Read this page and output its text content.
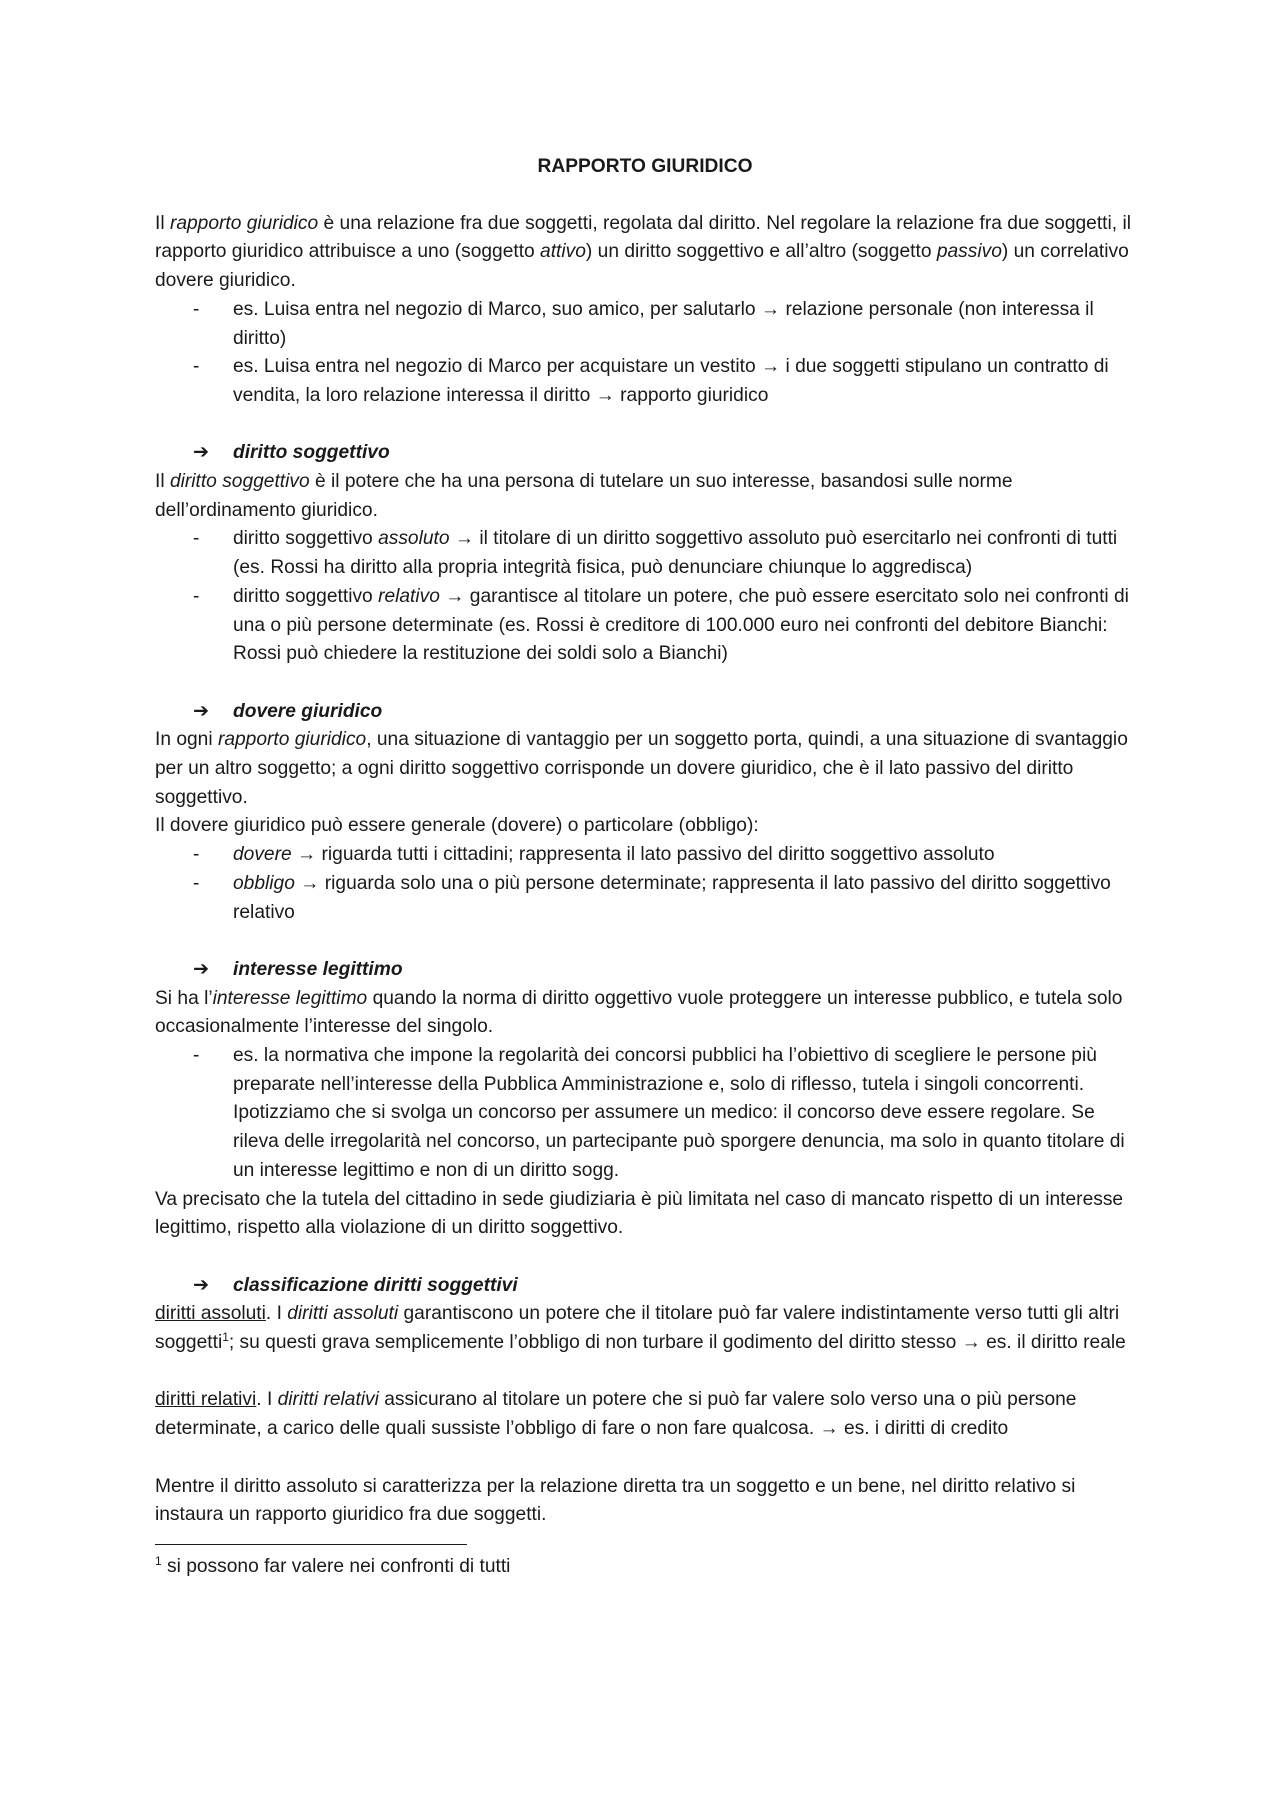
RAPPORTO GIURIDICO

Il rapporto giuridico è una relazione fra due soggetti, regolata dal diritto. Nel regolare la relazione fra due soggetti, il rapporto giuridico attribuisce a uno (soggetto attivo) un diritto soggettivo e all’altro (soggetto passivo) un correlativo dovere giuridico.

- es. Luisa entra nel negozio di Marco, suo amico, per salutarlo → relazione personale (non interessa il diritto)
- es. Luisa entra nel negozio di Marco per acquistare un vestito → i due soggetti stipulano un contratto di vendita, la loro relazione interessa il diritto → rapporto giuridico
➔ diritto soggettivo

Il diritto soggettivo è il potere che ha una persona di tutelare un suo interesse, basandosi sulle norme dell’ordinamento giuridico.

- diritto soggettivo assoluto → il titolare di un diritto soggettivo assoluto può esercitarlo nei confronti di tutti (es. Rossi ha diritto alla propria integrità fisica, può denunciare chiunque lo aggredisca)
- diritto soggettivo relativo → garantisce al titolare un potere, che può essere esercitato solo nei confronti di una o più persone determinate (es. Rossi è creditore di 100.000 euro nei confronti del debitore Bianchi: Rossi può chiedere la restituzione dei soldi solo a Bianchi)
➔ dovere giuridico

In ogni rapporto giuridico, una situazione di vantaggio per un soggetto porta, quindi, a una situazione di svantaggio per un altro soggetto; a ogni diritto soggettivo corrisponde un dovere giuridico, che è il lato passivo del diritto soggettivo.

Il dovere giuridico può essere generale (dovere) o particolare (obbligo):

- dovere → riguarda tutti i cittadini; rappresenta il lato passivo del diritto soggettivo assoluto
- obbligo → riguarda solo una o più persone determinate; rappresenta il lato passivo del diritto soggettivo relativo
➔ interesse legittimo

Si ha l’interesse legittimo quando la norma di diritto oggettivo vuole proteggere un interesse pubblico, e tutela solo occasionalmente l’interesse del singolo.

- es. la normativa che impone la regolarità dei concorsi pubblici ha l’obiettivo di scegliere le persone più preparate nell’interesse della Pubblica Amministrazione e, solo di riflesso, tutela i singoli concorrenti. Ipotizziamo che si svolga un concorso per assumere un medico: il concorso deve essere regolare. Se rileva delle irregolarità nel concorso, un partecipante può sporgere denuncia, ma solo in quanto titolare di un interesse legittimo e non di un diritto sogg.

Va precisato che la tutela del cittadino in sede giudiziaria è più limitata nel caso di mancato rispetto di un interesse legittimo, rispetto alla violazione di un diritto soggettivo.

➔ classificazione diritti soggettivi

diritti assoluti. I diritti assoluti garantiscono un potere che il titolare può far valere indistintamente verso tutti gli altri soggetti$^1$; su questi grava semplicemente l’obbligo di non turbare il godimento del diritto stesso → es. il diritto reale

diritti relativi. I diritti relativi assicurano al titolare un potere che si può far valere solo verso una o più persone determinate, a carico delle quali sussiste l’obbligo di fare o non fare qualcosa. → es. i diritti di credito

Mentre il diritto assoluto si caratterizza per la relazione diretta tra un soggetto e un bene, nel diritto relativo si instaura un rapporto giuridico fra due soggetti.

$^1$ si possono far valere nei confronti di tutti
